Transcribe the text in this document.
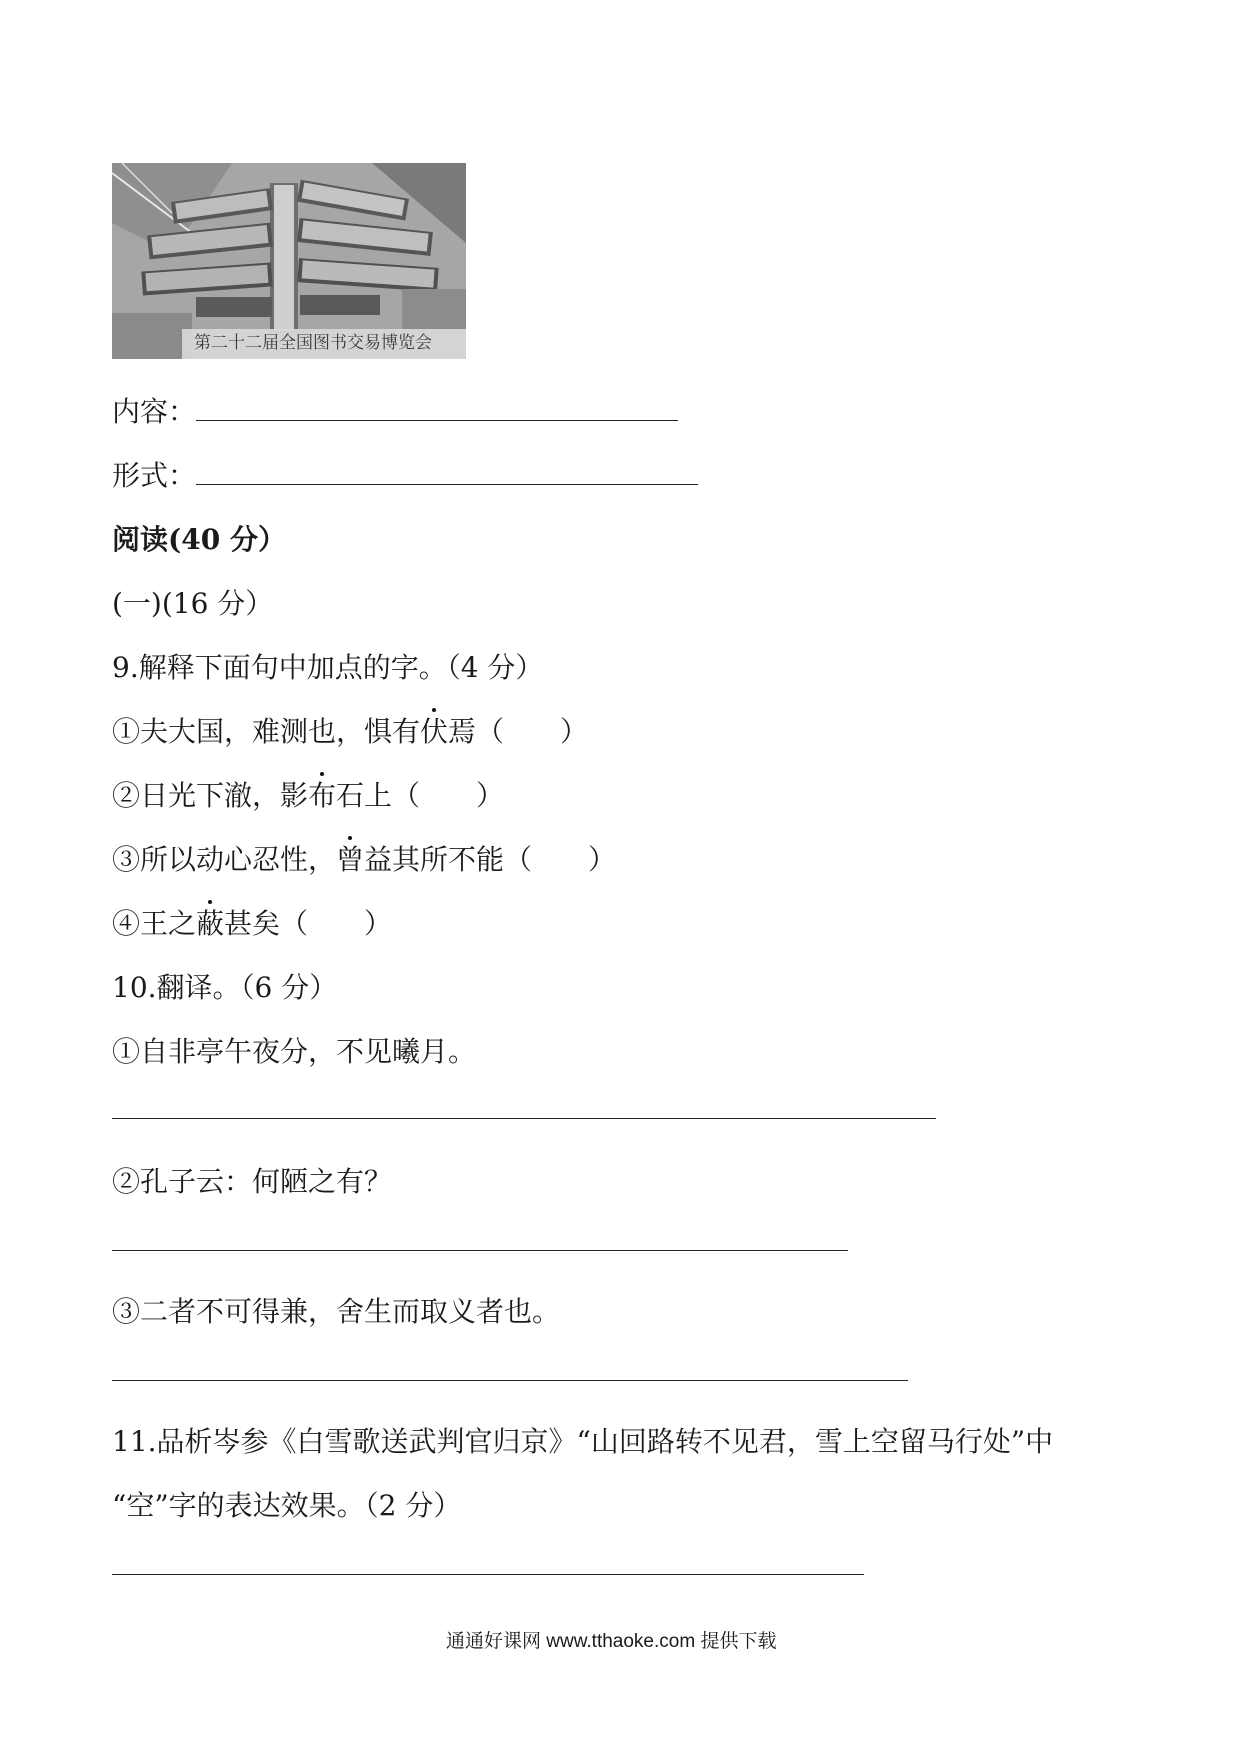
第二十二届全国图书交易博览会
内容：
形式：
阅读(40 分）
(一)(16 分）
9.解释下面句中加点的字。（4 分）
①夫大国，难测也，惧有伏焉（ ）
②日光下澈，影布石上（ ）
③所以动心忍性，曾益其所不能（ ）
④王之蔽甚矣（ ）
10.翻译。（6 分）
①自非亭午夜分，不见曦月。
②孔子云：何陋之有？
③二者不可得兼，舍生而取义者也。
11.品析岑参《白雪歌送武判官归京》“山回路转不见君，雪上空留马行处”中
“空”字的表达效果。（2 分）
通通好课网 www.tthaoke.com 提供下载
